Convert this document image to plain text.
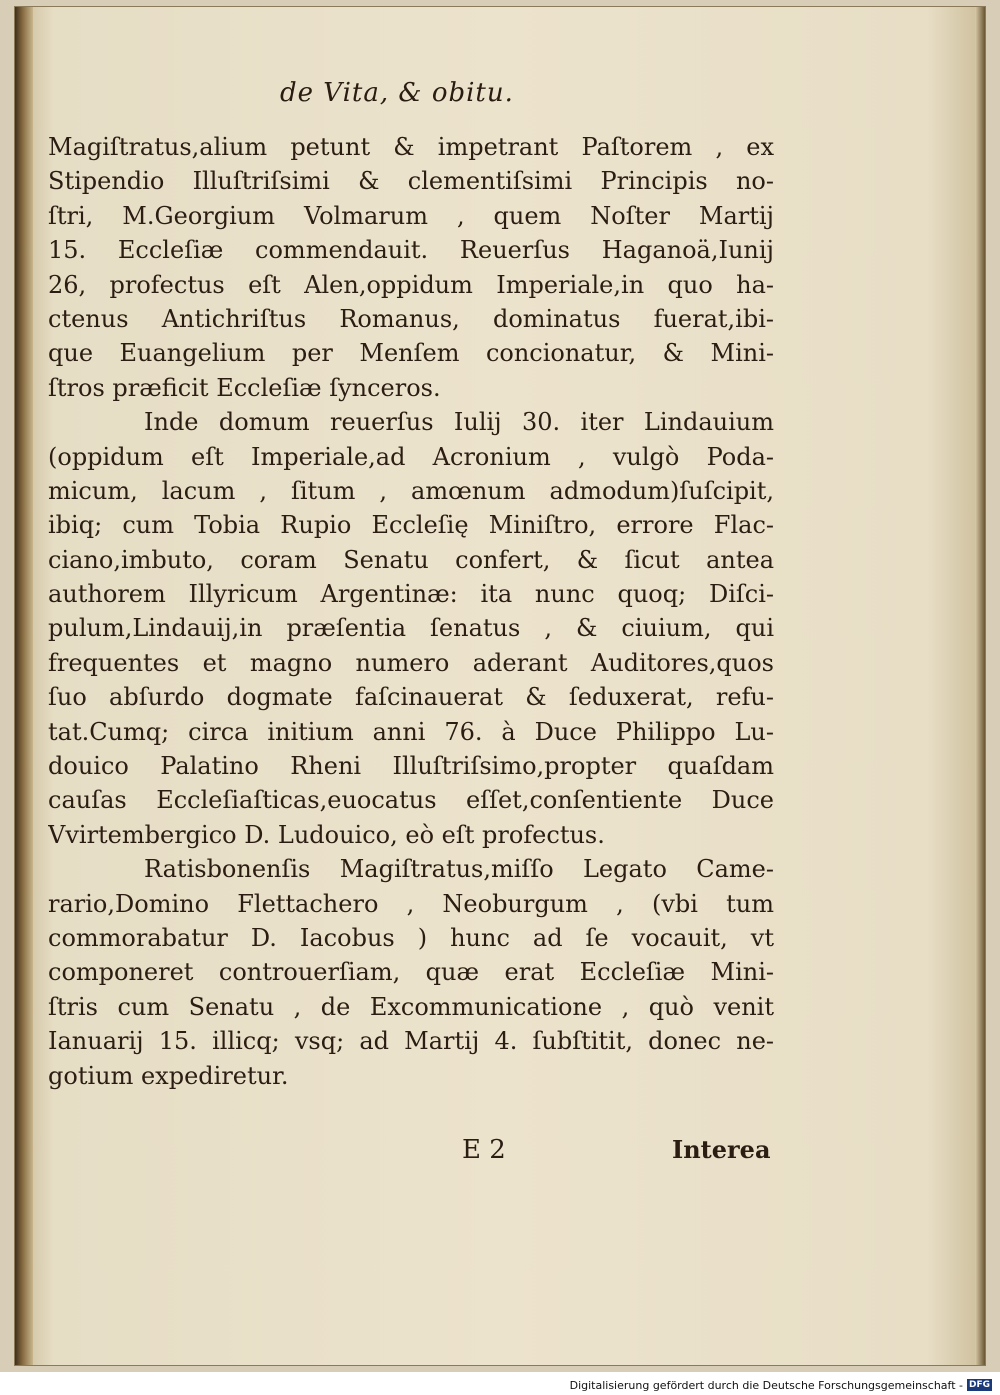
de Vita, & obitu.
Magiſtratus,alium petunt & impetrant Paſtorem , ex
Stipendio Illuſtriſsimi & clementiſsimi Principis no-
ſtri, M.Georgium Volmarum , quem Noſter Martij
15. Eccleſiæ commendauit. Reuerſus Haganoä,Iunij
26, profectus eſt Alen,oppidum Imperiale,in quo ha-
ctenus Antichriſtus Romanus, dominatus fuerat,ibi-
que Euangelium per Menſem concionatur, & Mini-
ſtros præficit Eccleſiæ ſynceros.
Inde domum reuerſus Iulij 30. iter Lindauium
(oppidum eſt Imperiale,ad Acronium , vulgò Poda-
micum, lacum , ſitum , amœnum admodum)ſuſcipit,
ibiq; cum Tobia Rupio Eccleſię Miniſtro, errore Flac-
ciano,imbuto, coram Senatu confert, & ſicut antea
authorem Illyricum Argentinæ: ita nunc quoq; Diſci-
pulum,Lindauij,in præſentia ſenatus , & ciuium, qui
frequentes et magno numero aderant Auditores,quos
ſuo abſurdo dogmate faſcinauerat & ſeduxerat, refu-
tat.Cumq; circa initium anni 76. à Duce Philippo Lu-
douico Palatino Rheni Illuſtriſsimo,propter quaſdam
cauſas Eccleſiaſticas,euocatus eſſet,conſentiente Duce
Vvirtembergico D. Ludouico, eò eſt profectus.
Ratisbonenſis Magiſtratus,miſſo Legato Came-
rario,Domino Flettachero , Neoburgum , (vbi tum
commorabatur D. Iacobus ) hunc ad ſe vocauit, vt
componeret controuerſiam, quæ erat Eccleſiæ Mini-
ſtris cum Senatu , de Excommunicatione , quò venit
Ianuarij 15. illicq; vsq; ad Martij 4. ſubſtitit, donec ne-
gotium expediretur.
E 2	Interea
Digitalisierung gefördert durch die Deutsche Forschungsgemeinschaft - DFG
